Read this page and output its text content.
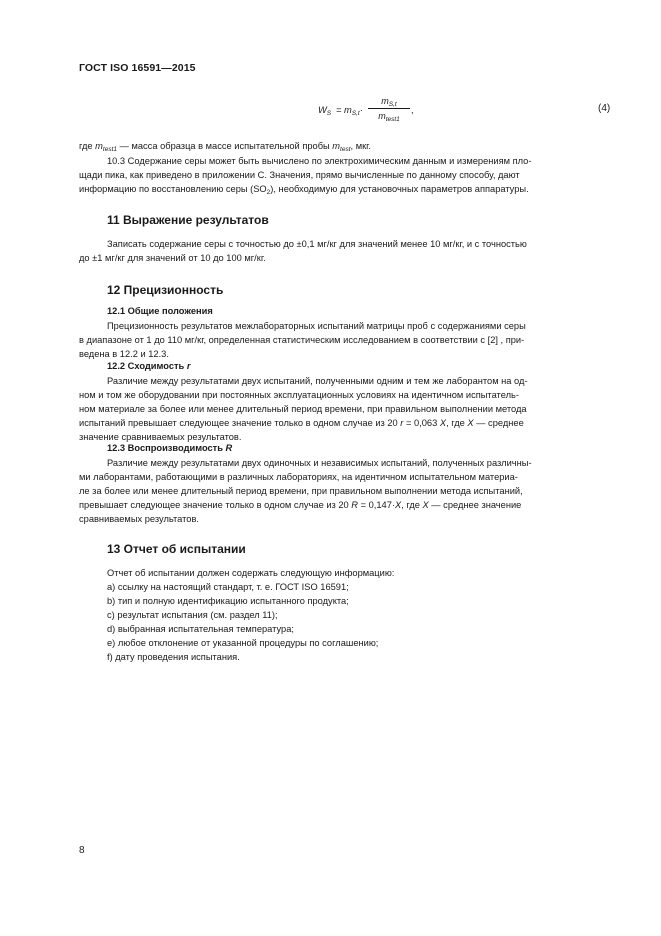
ГОСТ ISO 16591—2015
$W_S = m_{S,t}\cdot$
$m_{S,t}$
$m_{test1}$
,	(4)
где $m_{test1}$ — масса образца в массе испытательной пробы $m_{test}$, мкг.
10.3 Содержание серы может быть вычислено по электрохимическим данным и измерениям пло-
щади пика, как приведено в приложении С. Значения, прямо вычисленные по данному способу, дают
информацию по восстановлению серы $(SO_2)$, необходимую для установочных параметров аппаратуры.
11 Выражение результатов
Записать содержание серы с точностью до ±0,1 мг/кг для значений менее 10 мг/кг, и с точностью
до ±1 мг/кг для значений от 10 до 100 мг/кг.
12 Прецизионность
12.1 Общие положения
Прецизионность результатов межлабораторных испытаний матрицы проб с содержаниями серы
в диапазоне от 1 до 110 мг/кг, определенная статистическим исследованием в соответствии с [2] , при-
ведена в 12.2 и 12.3.
12.2 Сходимость r
Различие между результатами двух испытаний, полученными одним и тем же лаборантом на од-
ном и том же оборудовании при постоянных эксплуатационных условиях на идентичном испытатель-
ном материале за более или менее длительный период времени, при правильном выполнении метода
испытаний превышает следующее значение только в одном случае из 20 r = 0,063 X, где X — среднее
значение сравниваемых результатов.
12.3 Воспроизводимость R
Различие между результатами двух одиночных и независимых испытаний, полученных различны-
ми лаборантами, работающими в различных лабораториях, на идентичном испытательном материа-
ле за более или менее длительный период времени, при правильном выполнении метода испытаний,
превышает следующее значение только в одном случае из 20 R = 0,147·X, где X — среднее значение
сравниваемых результатов.
13 Отчет об испытании
Отчет об испытании должен содержать следующую информацию:
a) ссылку на настоящий стандарт, т. е. ГОСТ ISO 16591;
b) тип и полную идентификацию испытанного продукта;
c) результат испытания (см. раздел 11);
d) выбранная испытательная температура;
e) любое отклонение от указанной процедуры по соглашению;
f) дату проведения испытания.
8
